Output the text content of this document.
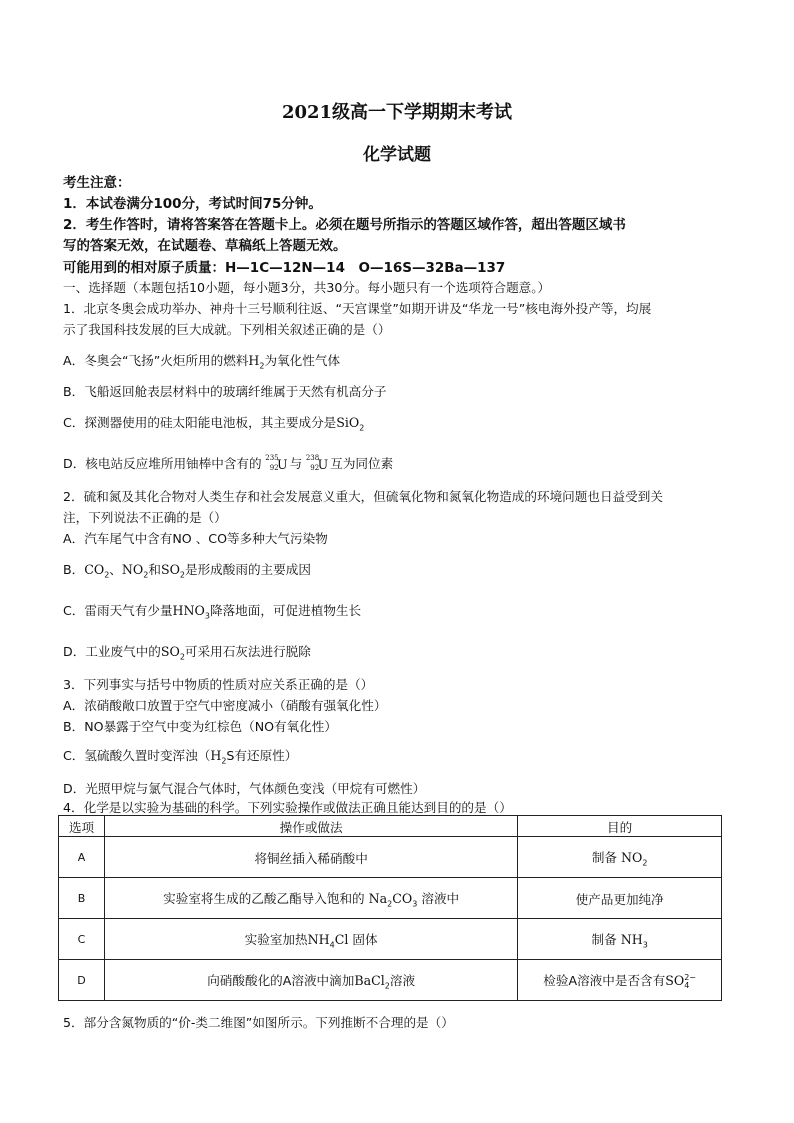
2021级高一下学期期末考试
化学试题
考生注意：
1．本试卷满分100分，考试时间75分钟。
2．考生作答时，请将答案答在答题卡上。必须在题号所指示的答题区域作答，超出答题区域书
写的答案无效，在试题卷、草稿纸上答题无效。
可能用到的相对原子质量：H—1C—12N—14　O—16S—32Ba—137
一、选择题（本题包括10小题，每小题3分，共30分。每小题只有一个选项符合题意。）
1．北京冬奥会成功举办、神舟十三号顺利往返、“天宫课堂”如期开讲及“华龙一号”核电海外投产等，均展
示了我国科技发展的巨大成就。下列相关叙述正确的是（）
A．冬奥会“飞扬”火炬所用的燃料$H_2$为氧化性气体
B．飞船返回舱表层材料中的玻璃纤维属于天然有机高分子
C．探测器使用的硅太阳能电池板，其主要成分是SiO$_2$
D．核电站反应堆所用铀棒中含有的 235
92
U 与 238
92
U 互为同位素
2．硫和氮及其化合物对人类生存和社会发展意义重大，但硫氧化物和氮氧化物造成的环境问题也日益受到关
注，下列说法不正确的是（）
A．汽车尾气中含有NO 、CO等多种大气污染物
B．$CO_2$、$NO_2$和$SO_2$是形成酸雨的主要成因
C．雷雨天气有少量$HNO_3$降落地面，可促进植物生长
D．工业废气中的$SO_2$可采用石灰法进行脱除
3．下列事实与括号中物质的性质对应关系正确的是（）
A．浓硝酸敞口放置于空气中密度减小（硝酸有强氧化性）
B．NO暴露于空气中变为红棕色（NO有氧化性）
C．氢硫酸久置时变浑浊（$H_2S$有还原性）
D．光照甲烷与氯气混合气体时，气体颜色变浅（甲烷有可燃性）
4．化学是以实验为基础的科学。下列实验操作或做法正确且能达到目的的是（）
选项	操作或做法	目的
A	将铜丝插入稀硝酸中	制备 $NO_2$
B	实验室将生成的乙酸乙酯导入饱和的 $Na_2CO_3$ 溶液中	使产品更加纯净
C	实验室加热$NH_4Cl$ 固体	制备 $NH_3$
D	向硝酸酸化的A溶液中滴加BaCl$_2$溶液	检验A溶液中是否含有SO 2−
4
5．部分含氮物质的“价-类二维图”如图所示。下列推断不合理的是（）
